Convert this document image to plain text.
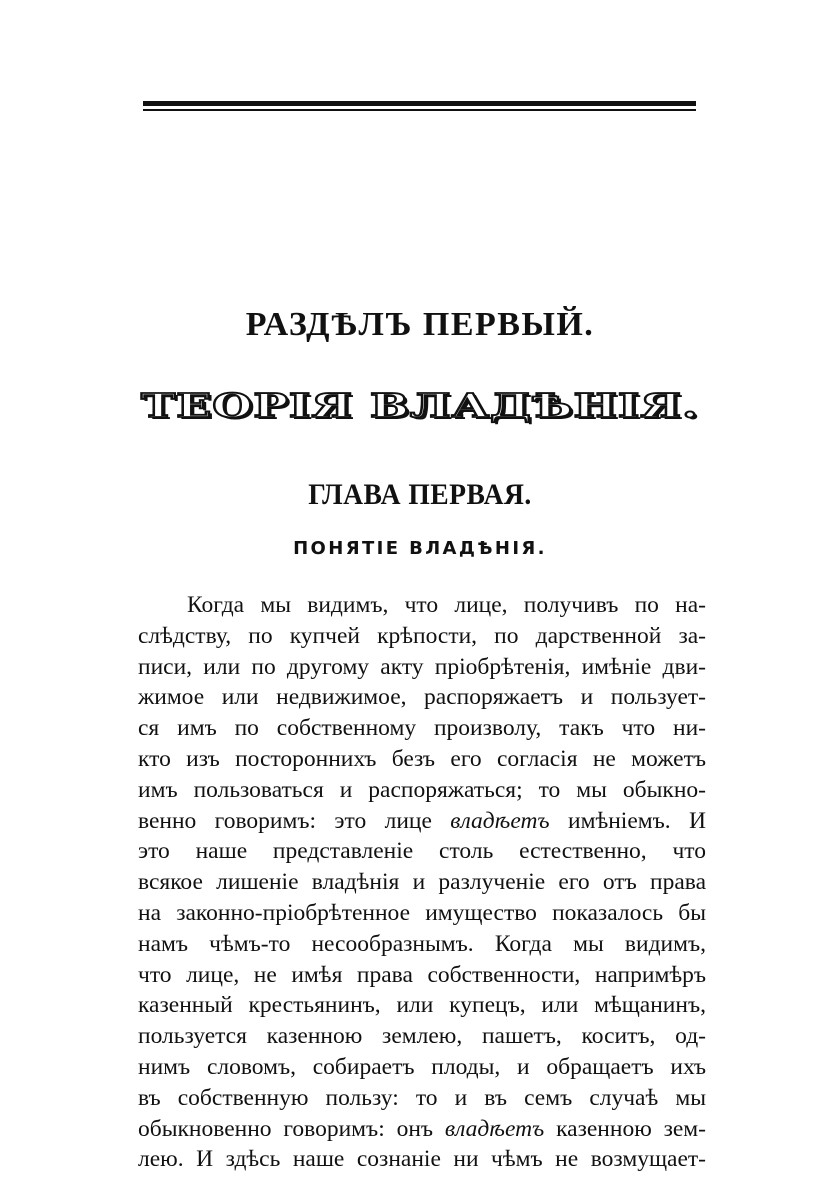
РАЗДѢЛЪ ПЕРВЫЙ.
ТЕОРІЯ ВЛАДѢНІЯ.
ГЛАВА ПЕРВАЯ.
ПОНЯТІЕ ВЛАДѢНІЯ.
Когда мы видимъ, что лице, получивъ по на-
слѣдству, по купчей крѣпости, по дарственной за-
писи, или по другому акту пріобрѣтенія, имѣніе дви-
жимое или недвижимое, распоряжаетъ и пользует-
ся имъ по собственному произволу, такъ что ни-
кто изъ постороннихъ безъ его согласія не можетъ
имъ пользоваться и распоряжаться; то мы обыкно-
венно говоримъ: это лице владѣетъ имѣніемъ. И
это наше представленіе столь естественно, что
всякое лишеніе владѣнія и разлученіе его отъ права
на законно-пріобрѣтенное имущество показалось бы
намъ чѣмъ-то несообразнымъ. Когда мы видимъ,
что лице, не имѣя права собственности, напримѣръ
казенный крестьянинъ, или купецъ, или мѣщанинъ,
пользуется казенною землею, пашетъ, коситъ, од-
нимъ словомъ, собираетъ плоды, и обращаетъ ихъ
въ собственную пользу: то и въ семъ случаѣ мы
обыкновенно говоримъ: онъ владѣетъ казенною зем-
лею. И здѣсь наше сознаніе ни чѣмъ не возмущает-
